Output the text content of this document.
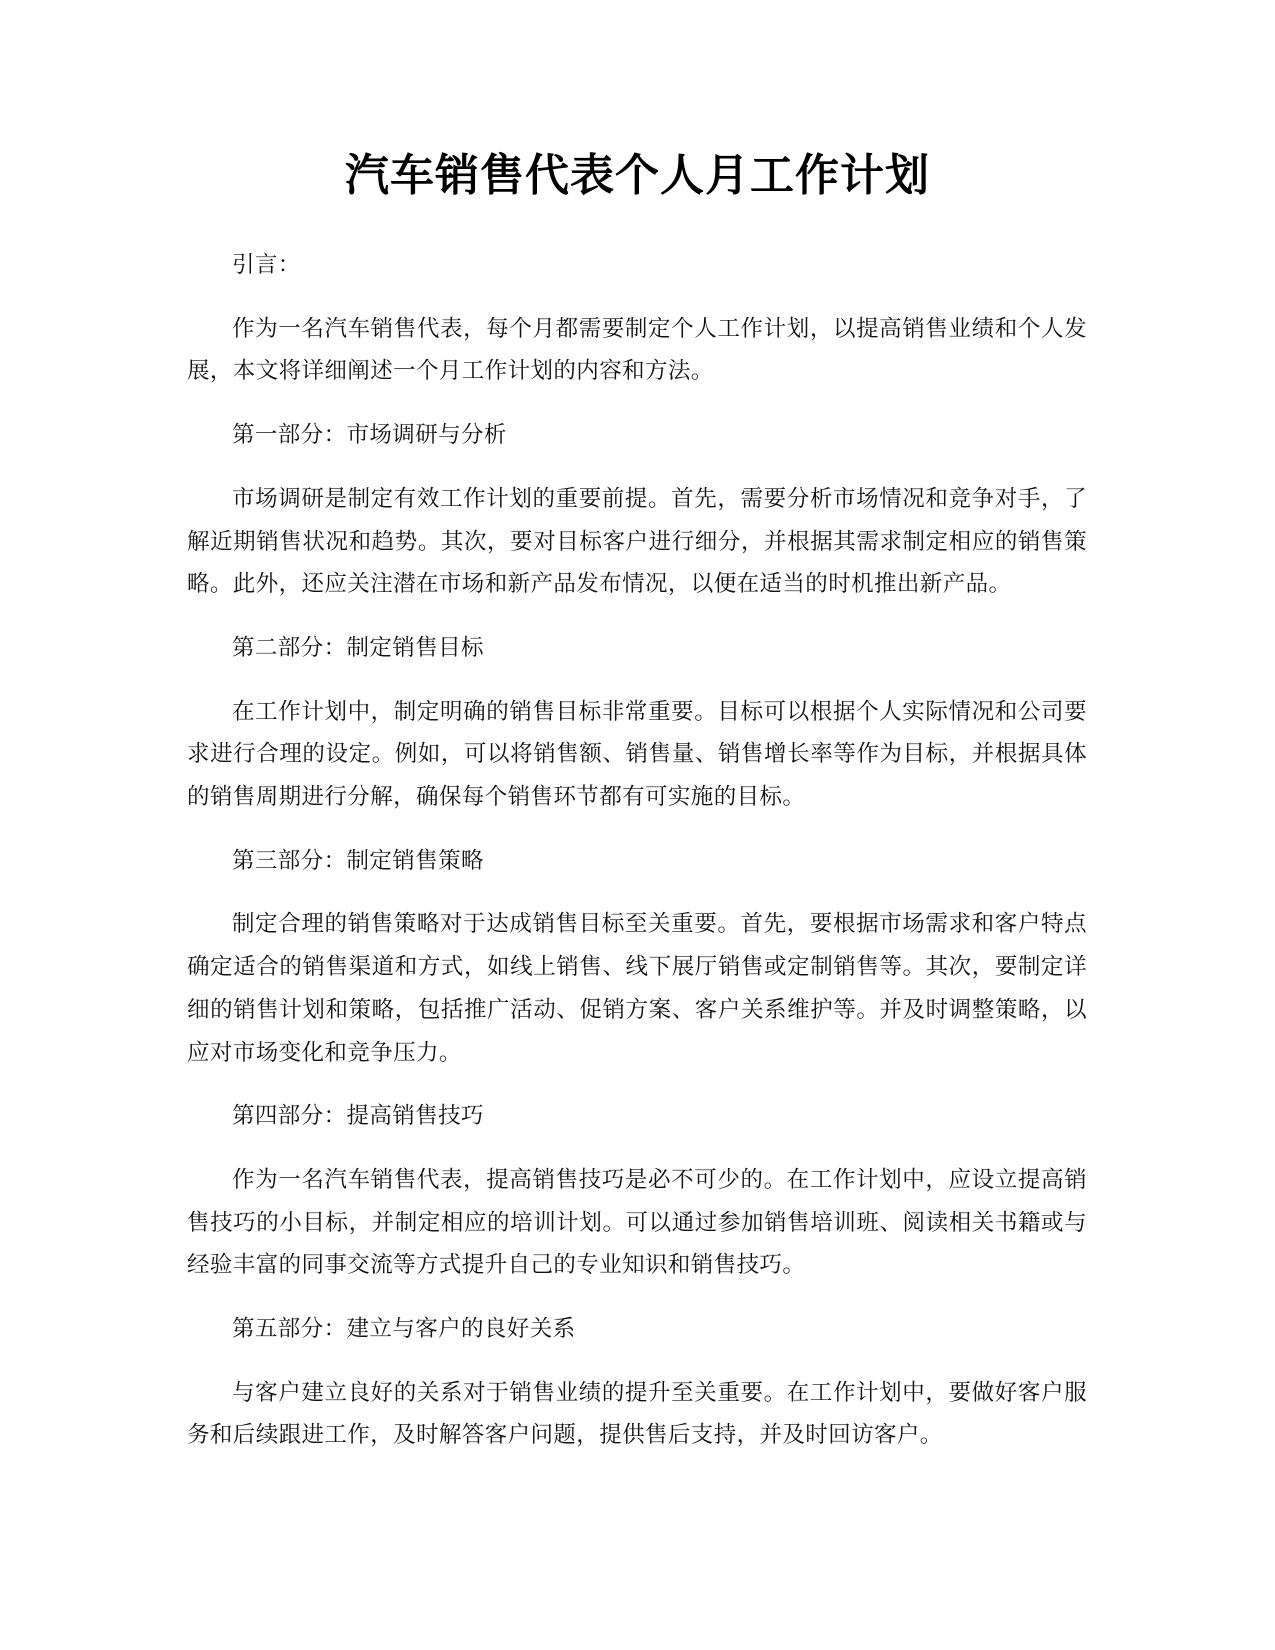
汽车销售代表个人月工作计划

引言：

作为一名汽车销售代表，每个月都需要制定个人工作计划，以提高销售业绩和个人发展，本文将详细阐述一个月工作计划的内容和方法。

第一部分：市场调研与分析

市场调研是制定有效工作计划的重要前提。首先，需要分析市场情况和竞争对手，了解近期销售状况和趋势。其次，要对目标客户进行细分，并根据其需求制定相应的销售策略。此外，还应关注潜在市场和新产品发布情况，以便在适当的时机推出新产品。

第二部分：制定销售目标

在工作计划中，制定明确的销售目标非常重要。目标可以根据个人实际情况和公司要求进行合理的设定。例如，可以将销售额、销售量、销售增长率等作为目标，并根据具体的销售周期进行分解，确保每个销售环节都有可实施的目标。

第三部分：制定销售策略

制定合理的销售策略对于达成销售目标至关重要。首先，要根据市场需求和客户特点确定适合的销售渠道和方式，如线上销售、线下展厅销售或定制销售等。其次，要制定详细的销售计划和策略，包括推广活动、促销方案、客户关系维护等。并及时调整策略，以应对市场变化和竞争压力。

第四部分：提高销售技巧

作为一名汽车销售代表，提高销售技巧是必不可少的。在工作计划中，应设立提高销售技巧的小目标，并制定相应的培训计划。可以通过参加销售培训班、阅读相关书籍或与经验丰富的同事交流等方式提升自己的专业知识和销售技巧。

第五部分：建立与客户的良好关系

与客户建立良好的关系对于销售业绩的提升至关重要。在工作计划中，要做好客户服务和后续跟进工作，及时解答客户问题，提供售后支持，并及时回访客户。
